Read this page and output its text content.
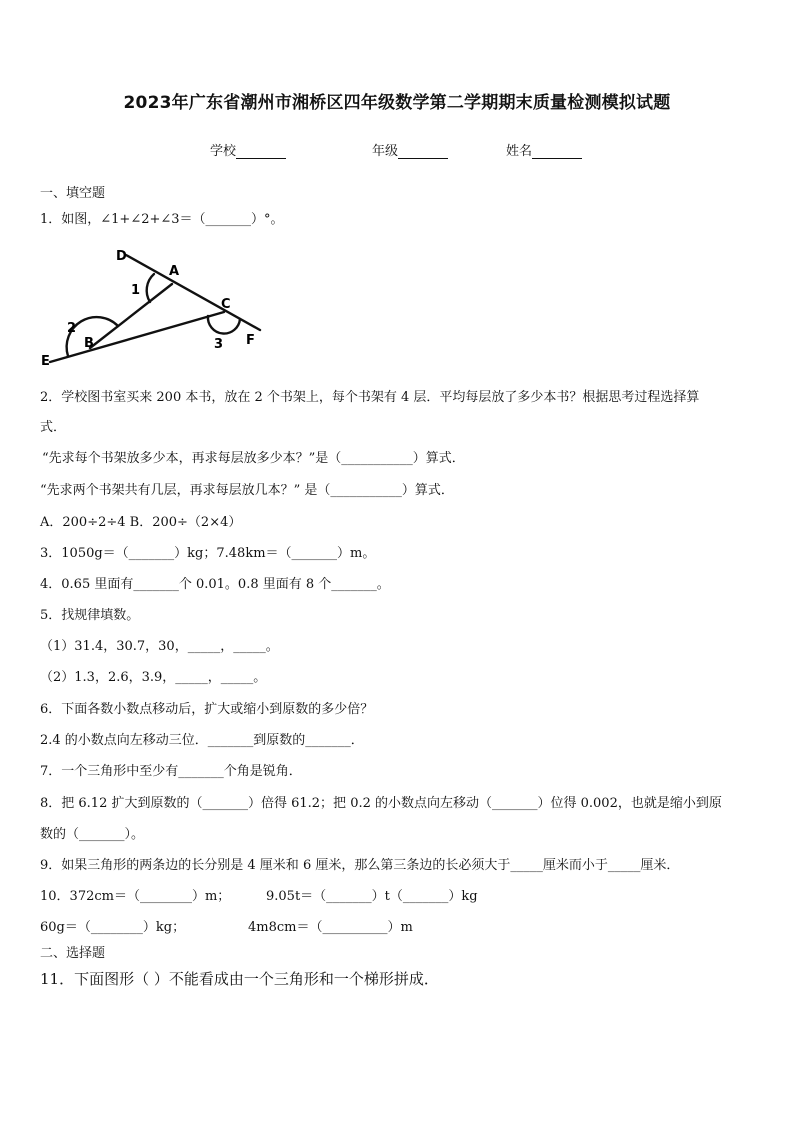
2023年广东省潮州市湘桥区四年级数学第二学期期末质量检测模拟试题
学校	年级	姓名
一、填空题
1．如图，∠1+∠2+∠3＝（_______）°。
D
A
1
C
2
B	3
E
F
2．学校图书室买来 200 本书，放在 2 个书架上，每个书架有 4 层．平均每层放了多少本书？根据思考过程选择算
式．
“先求每个书架放多少本，再求每层放多少本？”是（___________）算式．
“先求两个书架共有几层，再求每层放几本？” 是（___________）算式．
A．200÷2÷4 B．200÷（2×4）
3．1050g＝（_______）kg；7.48km＝（_______）m。
4．0.65 里面有_______个 0.01。0.8 里面有 8 个_______。
5．找规律填数。
（1）31.4，30.7，30，_____，_____。
（2）1.3，2.6，3.9，_____，_____。
6．下面各数小数点移动后，扩大或缩小到原数的多少倍？
2.4 的小数点向左移动三位．_______到原数的_______．
7．一个三角形中至少有_______个角是锐角．
8．把 6.12 扩大到原数的（_______）倍得 61.2；把 0.2 的小数点向左移动（_______）位得 0.002，也就是缩小到原
数的（_______）。
9．如果三角形的两条边的长分别是 4 厘米和 6 厘米，那么第三条边的长必须大于_____厘米而小于_____厘米．
10．372cm＝（________）m；	9.05t＝（_______）t（_______）kg
60g＝（________）kg；	4m8cm＝（__________）m
二、选择题
11．下面图形（ ）不能看成由一个三角形和一个梯形拼成．
